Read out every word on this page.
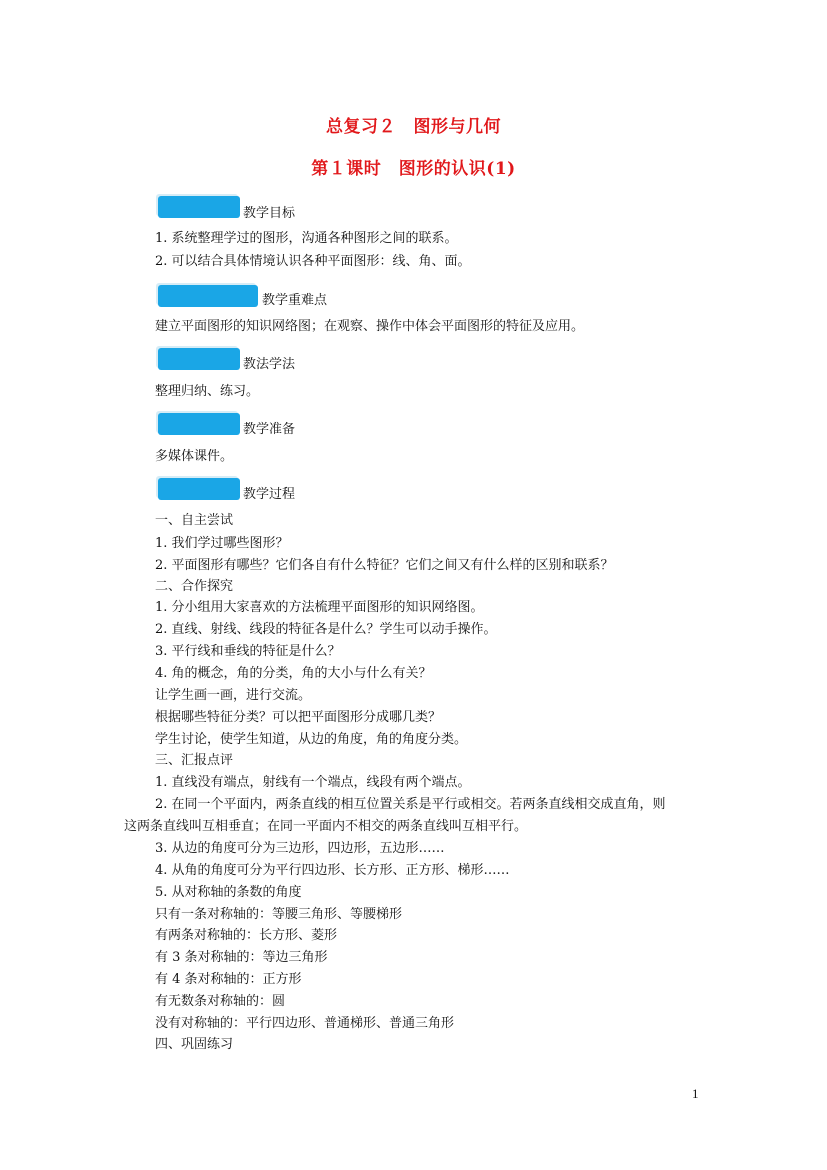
总复习２　图形与几何
第１课时　图形的认识(1)
教学目标
1. 系统整理学过的图形，沟通各种图形之间的联系。
2. 可以结合具体情境认识各种平面图形：线、角、面。
教学重难点
建立平面图形的知识网络图；在观察、操作中体会平面图形的特征及应用。
教法学法
整理归纳、练习。
教学准备
多媒体课件。
教学过程
一、自主尝试
1. 我们学过哪些图形？
2. 平面图形有哪些？它们各自有什么特征？它们之间又有什么样的区别和联系？
二、合作探究
1. 分小组用大家喜欢的方法梳理平面图形的知识网络图。
2. 直线、射线、线段的特征各是什么？学生可以动手操作。
3. 平行线和垂线的特征是什么？
4. 角的概念，角的分类，角的大小与什么有关？
让学生画一画，进行交流。
根据哪些特征分类？可以把平面图形分成哪几类？
学生讨论，使学生知道，从边的角度，角的角度分类。
三、汇报点评
1. 直线没有端点，射线有一个端点，线段有两个端点。
2. 在同一个平面内，两条直线的相互位置关系是平行或相交。若两条直线相交成直角，则
这两条直线叫互相垂直；在同一平面内不相交的两条直线叫互相平行。
3. 从边的角度可分为三边形，四边形，五边形……
4. 从角的角度可分为平行四边形、长方形、正方形、梯形……
5. 从对称轴的条数的角度
只有一条对称轴的：等腰三角形、等腰梯形
有两条对称轴的：长方形、菱形
有 3 条对称轴的：等边三角形
有 4 条对称轴的：正方形
有无数条对称轴的：圆
没有对称轴的：平行四边形、普通梯形、普通三角形
四、巩固练习
1
